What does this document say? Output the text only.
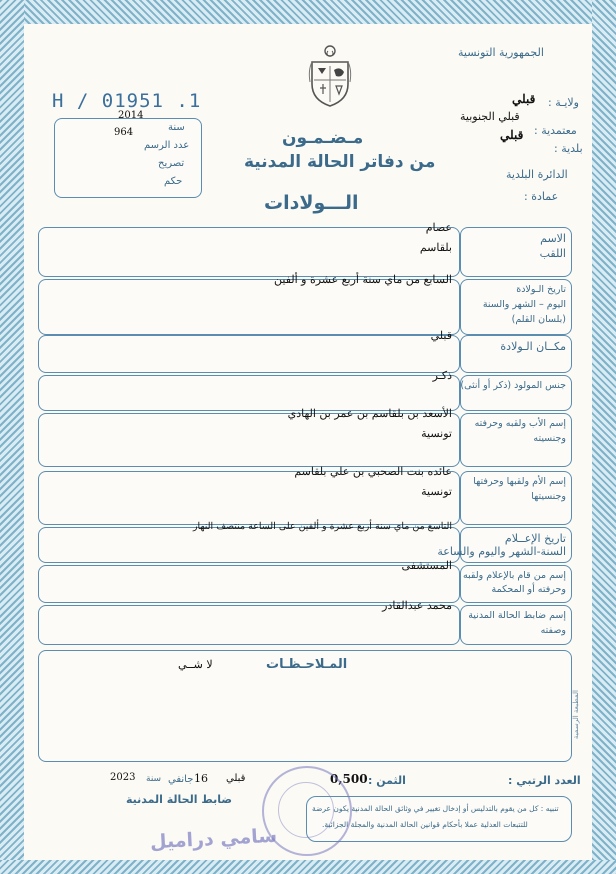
H / 01951 .1
الجمهورية التونسية
ولايـة :
قبلي
معتمدية :
قبلي الجنوبية
بلدية :
قبلي
الدائرة البلدية
عمادة :
2014
سنة
964
عدد الرسم
تصريح
حكم
مـضـمـون
من دفاتر الحالة المدنية
الـــولادات
الاسم
اللقب
عصام
بلقاسم
تاريخ الـولادة
اليوم – الشهر والسنة
(بلسان القلم)
السابع من ماي سنة أربع عشرة و ألفين
مكــان الـولادة
قبلي
جنس المولود (ذكر أو أنثى)
ذكـر
إسم الأب ولقبه وحرفته
وجنسيته
الأسعد بن بلقاسم بن عمر بن الهادي
تونسية
إسم الأم ولقبها وحرفتها
وجنسيتها
عائده بنت الصحبي بن علي بلقاسم
تونسية
تاريخ الإعــلام
السنة-الشهر واليوم والساعة
التاسع من ماي سنة أربع عشرة و ألفين على الساعة منتصف النهار
إسم من قام بالإعلام ولقبه
وحرفته أو المحكمة
المستشفى
إسم ضابط الحالة المدنية
وصفته
محمد عبدالقادر
المـلاحـظـات
لا شــي
المطبعة الرسمية
العدد الرتبي :
الثمن :
0,500
قبلي
16
جانفي
سنة
2023
ضابط الحالة المدنية
تنبيه : كل من يقوم بالتدليس أو إدخال تغيير في وثائق الحالة المدنية يكون عرضة
للتتبعات العدلية عملا بأحكام قوانين الحالة المدنية والمجلة الجزائية.
سامي دراميل
